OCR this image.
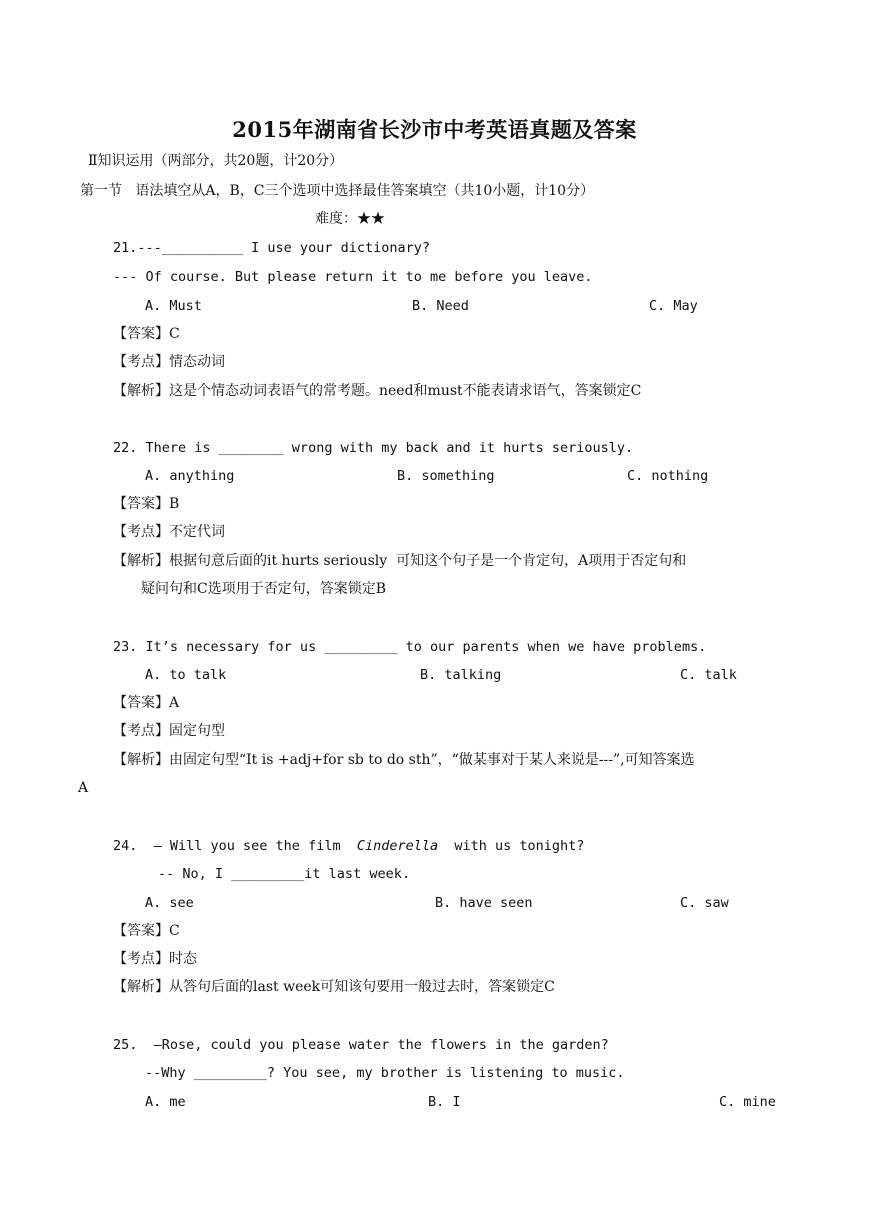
2015年湖南省长沙市中考英语真题及答案
Ⅱ知识运用（两部分，共20题，计20分）
第一节   语法填空从A，B，C三个选项中选择最佳答案填空（共10小题，计10分）
难度：★★
21.---__________ I use your dictionary?
--- Of course. But please return it to me before you leave.
A. Must	B. Need	C. May
【答案】C
【考点】情态动词
【解析】这是个情态动词表语气的常考题。need和must不能表请求语气，答案锁定C
22. There is ________ wrong with my back and it hurts seriously.
A. anything	B. something	C. nothing
【答案】B
【考点】不定代词
【解析】根据句意后面的it hurts seriously  可知这个句子是一个肯定句，A项用于否定句和
疑问句和C选项用于否定句，答案锁定B
23. It’s necessary for us _________ to our parents when we have problems.
A. to talk	B. talking	C. talk
【答案】A
【考点】固定句型
【解析】由固定句型“It is +adj+for sb to do sth”，“做某事对于某人来说是---”,可知答案选
A
24.  – Will you see the film  Cinderella  with us tonight?
-- No, I _________it last week.
A. see	B. have seen	C. saw
【答案】C
【考点】时态
【解析】从答句后面的last week可知该句要用一般过去时，答案锁定C
25.  –Rose, could you please water the flowers in the garden?
--Why _________? You see, my brother is listening to music.
A. me	B. I	C. mine
